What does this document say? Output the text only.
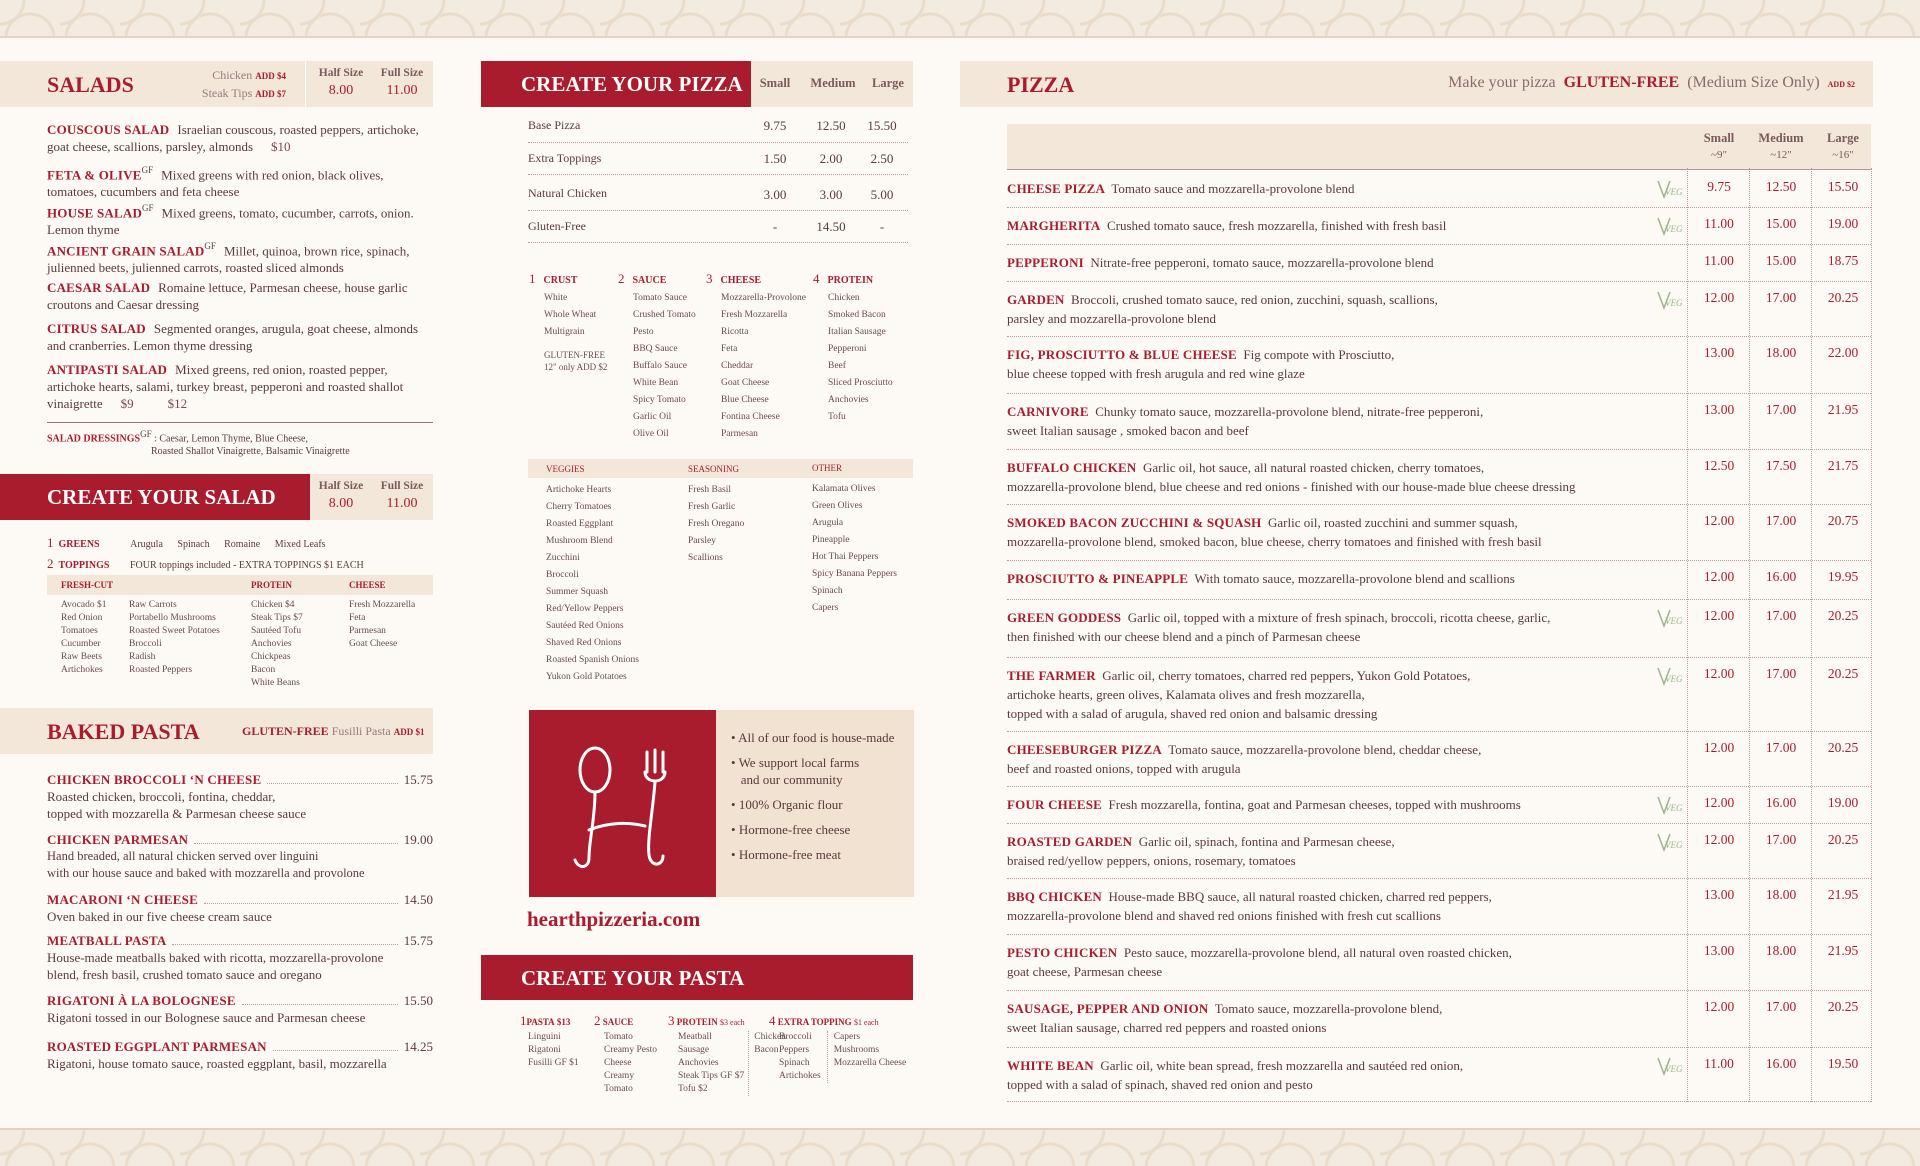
SALADS	Chicken ADD $4
Steak Tips ADD $7
Half Size
8.00
Full Size
11.00
COUSCOUS SALAD Israelian couscous, roasted peppers, artichoke, goat cheese, scallions, parsley, almonds $10
FETA & $OLIVE^{GF}$ Mixed greens with red onion, black olives, tomatoes, cucumbers and feta cheese
HOUSE $SALAD^{GF}$ Mixed greens, tomato, cucumber, carrots, onion. Lemon thyme
ANCIENT GRAIN $SALAD^{GF}$ Millet, quinoa, brown rice, spinach, julienned beets, julienned carrots, roasted sliced almonds
CAESAR SALAD Romaine lettuce, Parmesan cheese, house garlic croutons and Caesar dressing
CITRUS SALAD Segmented oranges, arugula, goat cheese, almonds and cranberries. Lemon thyme dressing
ANTIPASTI SALAD Mixed greens, red onion, roasted pepper, artichoke hearts, salami, turkey breast, pepperoni and roasted shallot vinaigrette $9	$12
SALAD $DRESSINGS^{GF}$ : Caesar, Lemon Thyme, Blue Cheese,
Roasted Shallot Vinaigrette, Balsamic Vinaigrette
CREATE YOUR SALAD	Half Size
8.00
Full Size
11.00
1 GREENS	Arugula Spinach Romaine Mixed Leafs
2 TOPPINGS FOUR toppings included - EXTRA TOPPINGS $1 EACH
FRESH-CUT	PROTEIN	CHEESE
Avocado $1
Red Onion
Tomatoes
Cucumber
Raw Beets
Artichokes
Raw Carrots
Portabello Mushrooms
Roasted Sweet Potatoes
Broccoli
Radish
Roasted Peppers
Chicken $4
Steak Tips $7
Sautéed Tofu
Anchovies
Chickpeas
Bacon
White Beans
Fresh Mozzarella
Feta
Parmesan
Goat Cheese
BAKED PASTA	GLUTEN-FREE Fusilli Pasta ADD $1
CHICKEN BROCCOLI ‘N CHEESE	15.75
Roasted chicken, broccoli, fontina, cheddar,
topped with mozzarella & Parmesan cheese sauce
CHICKEN PARMESAN	19.00
Hand breaded, all natural chicken served over linguini
with our house sauce and baked with mozzarella and provolone
MACARONI ‘N CHEESE	14.50
Oven baked in our five cheese cream sauce
MEATBALL PASTA	15.75
House-made meatballs baked with ricotta, mozzarella-provolone
blend, fresh basil, crushed tomato sauce and oregano
RIGATONI À LA BOLOGNESE	15.50
Rigatoni tossed in our Bolognese sauce and Parmesan cheese
ROASTED EGGPLANT PARMESAN	14.25
Rigatoni, house tomato sauce, roasted eggplant, basil, mozzarella
CREATE YOUR PIZZA	Small	Medium	Large
Base Pizza	9.75	12.50	15.50
Extra Toppings	1.50	2.00	2.50
Natural Chicken	3.00	3.00	5.00
Gluten-Free	-	14.50	-
1 CRUST
White
Whole Wheat
Multigrain
GLUTEN-FREE
12" only ADD $2
2 SAUCE
Tomato Sauce
Crushed Tomato
Pesto
BBQ Sauce
Buffalo Sauce
White Bean
Spicy Tomato
Garlic Oil
Olive Oil
3 CHEESE
Mozzarella-Provolone
Fresh Mozzarella
Ricotta
Feta
Cheddar
Goat Cheese
Blue Cheese
Fontina Cheese
Parmesan
4 PROTEIN
Chicken
Smoked Bacon
Italian Sausage
Pepperoni
Beef
Sliced Prosciutto
Anchovies
Tofu
VEGGIES	SEASONING	OTHER
Artichoke Hearts
Cherry Tomatoes
Roasted Eggplant
Mushroom Blend
Zucchini
Broccoli
Summer Squash
Red/Yellow Peppers
Sautéed Red Onions
Shaved Red Onions
Roasted Spanish Onions
Yukon Gold Potatoes
Fresh Basil
Fresh Garlic
Fresh Oregano
Parsley
Scallions
Kalamata Olives
Green Olives
Arugula
Pineapple
Hot Thai Peppers
Spicy Banana Peppers
Spinach
Capers
• All of our food is house-made
• We support local farms
and our community
• 100% Organic flour
• Hormone-free cheese
• Hormone-free meat
hearthpizzeria.com
CREATE YOUR PASTA
1PASTA $13
Linguini
Rigatoni
Fusilli GF $1
2 SAUCE
Tomato
Creamy Pesto
Cheese
Creamy
Tomato
3 PROTEIN $3 each
Meatball
Sausage
Anchovies
Steak Tips GF $7
Tofu $2
Chicken
Bacon
4 EXTRA TOPPING $1 each
Broccoli
Peppers
Spinach
Artichokes
Capers
Mushrooms
Mozzarella Cheese
PIZZA	Make your pizza GLUTEN-FREE (Medium Size Only) ADD $2
Small
~9"
Medium
~12"
Large
~16"
CHEESE PIZZA Tomato sauce and mozzarella-provolone blend	VEG	9.75	12.50	15.50
MARGHERITA Crushed tomato sauce, fresh mozzarella, finished with fresh basil	VEG	11.00	15.00	19.00
PEPPERONI Nitrate-free pepperoni, tomato sauce, mozzarella-provolone blend	11.00	15.00	18.75
GARDEN Broccoli, crushed tomato sauce, red onion, zucchini, squash, scallions,
parsley and mozzarella-provolone blend
VEG	12.00	17.00	20.25
FIG, PROSCIUTTO & BLUE CHEESE Fig compote with Prosciutto,
blue cheese topped with fresh arugula and red wine glaze
13.00	18.00	22.00
CARNIVORE Chunky tomato sauce, mozzarella-provolone blend, nitrate-free pepperoni,
sweet Italian sausage , smoked bacon and beef
13.00	17.00	21.95
BUFFALO CHICKEN Garlic oil, hot sauce, all natural roasted chicken, cherry tomatoes,
mozzarella-provolone blend, blue cheese and red onions - finished with our house-made blue cheese dressing
12.50	17.50	21.75
SMOKED BACON ZUCCHINI & SQUASH Garlic oil, roasted zucchini and summer squash,
mozzarella-provolone blend, smoked bacon, blue cheese, cherry tomatoes and finished with fresh basil
12.00	17.00	20.75
PROSCIUTTO & PINEAPPLE With tomato sauce, mozzarella-provolone blend and scallions	12.00	16.00	19.95
GREEN GODDESS Garlic oil, topped with a mixture of fresh spinach, broccoli, ricotta cheese, garlic,
then finished with our cheese blend and a pinch of Parmesan cheese
VEG	12.00	17.00	20.25
THE FARMER Garlic oil, cherry tomatoes, charred red peppers, Yukon Gold Potatoes,
artichoke hearts, green olives, Kalamata olives and fresh mozzarella,
topped with a salad of arugula, shaved red onion and balsamic dressing
VEG	12.00	17.00	20.25
CHEESEBURGER PIZZA Tomato sauce, mozzarella-provolone blend, cheddar cheese,
beef and roasted onions, topped with arugula
12.00	17.00	20.25
FOUR CHEESE Fresh mozzarella, fontina, goat and Parmesan cheeses, topped with mushrooms	VEG	12.00	16.00	19.00
ROASTED GARDEN Garlic oil, spinach, fontina and Parmesan cheese,
braised red/yellow peppers, onions, rosemary, tomatoes
VEG	12.00	17.00	20.25
BBQ CHICKEN House-made BBQ sauce, all natural roasted chicken, charred red peppers,
mozzarella-provolone blend and shaved red onions finished with fresh cut scallions
13.00	18.00	21.95
PESTO CHICKEN Pesto sauce, mozzarella-provolone blend, all natural oven roasted chicken,
goat cheese, Parmesan cheese
13.00	18.00	21.95
SAUSAGE, PEPPER AND ONION Tomato sauce, mozzarella-provolone blend,
sweet Italian sausage, charred red peppers and roasted onions
12.00	17.00	20.25
WHITE BEAN Garlic oil, white bean spread, fresh mozzarella and sautéed red onion,
topped with a salad of spinach, shaved red onion and pesto
VEG	11.00	16.00	19.50
